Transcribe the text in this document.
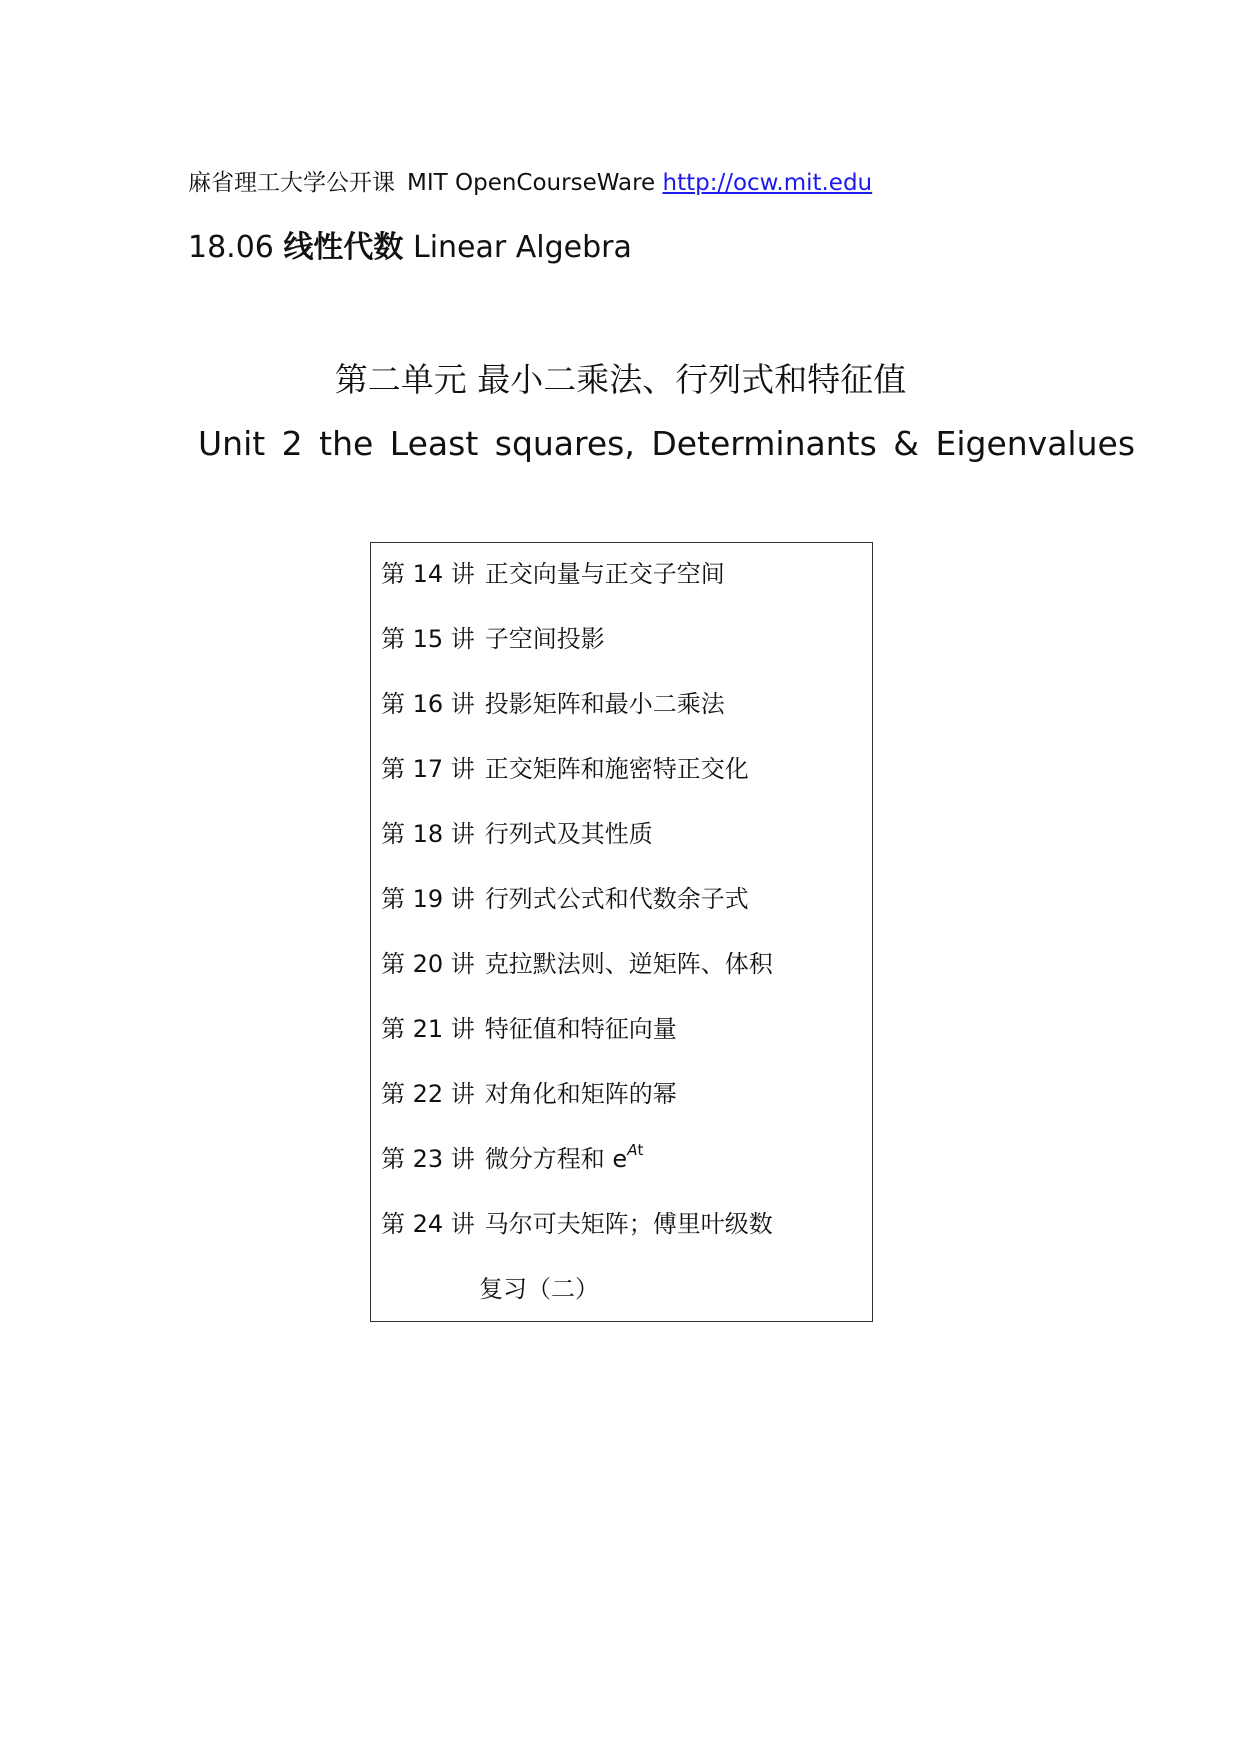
麻省理工大学公开课 MIT OpenCourseWare http://ocw.mit.edu
18.06 线性代数 Linear Algebra
第二单元 最小二乘法、行列式和特征值
Unit 2 the Least squares, Determinants & Eigenvalues
第 14 讲 正交向量与正交子空间
第 15 讲 子空间投影
第 16 讲 投影矩阵和最小二乘法
第 17 讲 正交矩阵和施密特正交化
第 18 讲 行列式及其性质
第 19 讲 行列式公式和代数余子式
第 20 讲 克拉默法则、逆矩阵、体积
第 21 讲 特征值和特征向量
第 22 讲 对角化和矩阵的幂
第 23 讲 微分方程和 $e^{At}$
第 24 讲 马尔可夫矩阵；傅里叶级数
复习（二）
